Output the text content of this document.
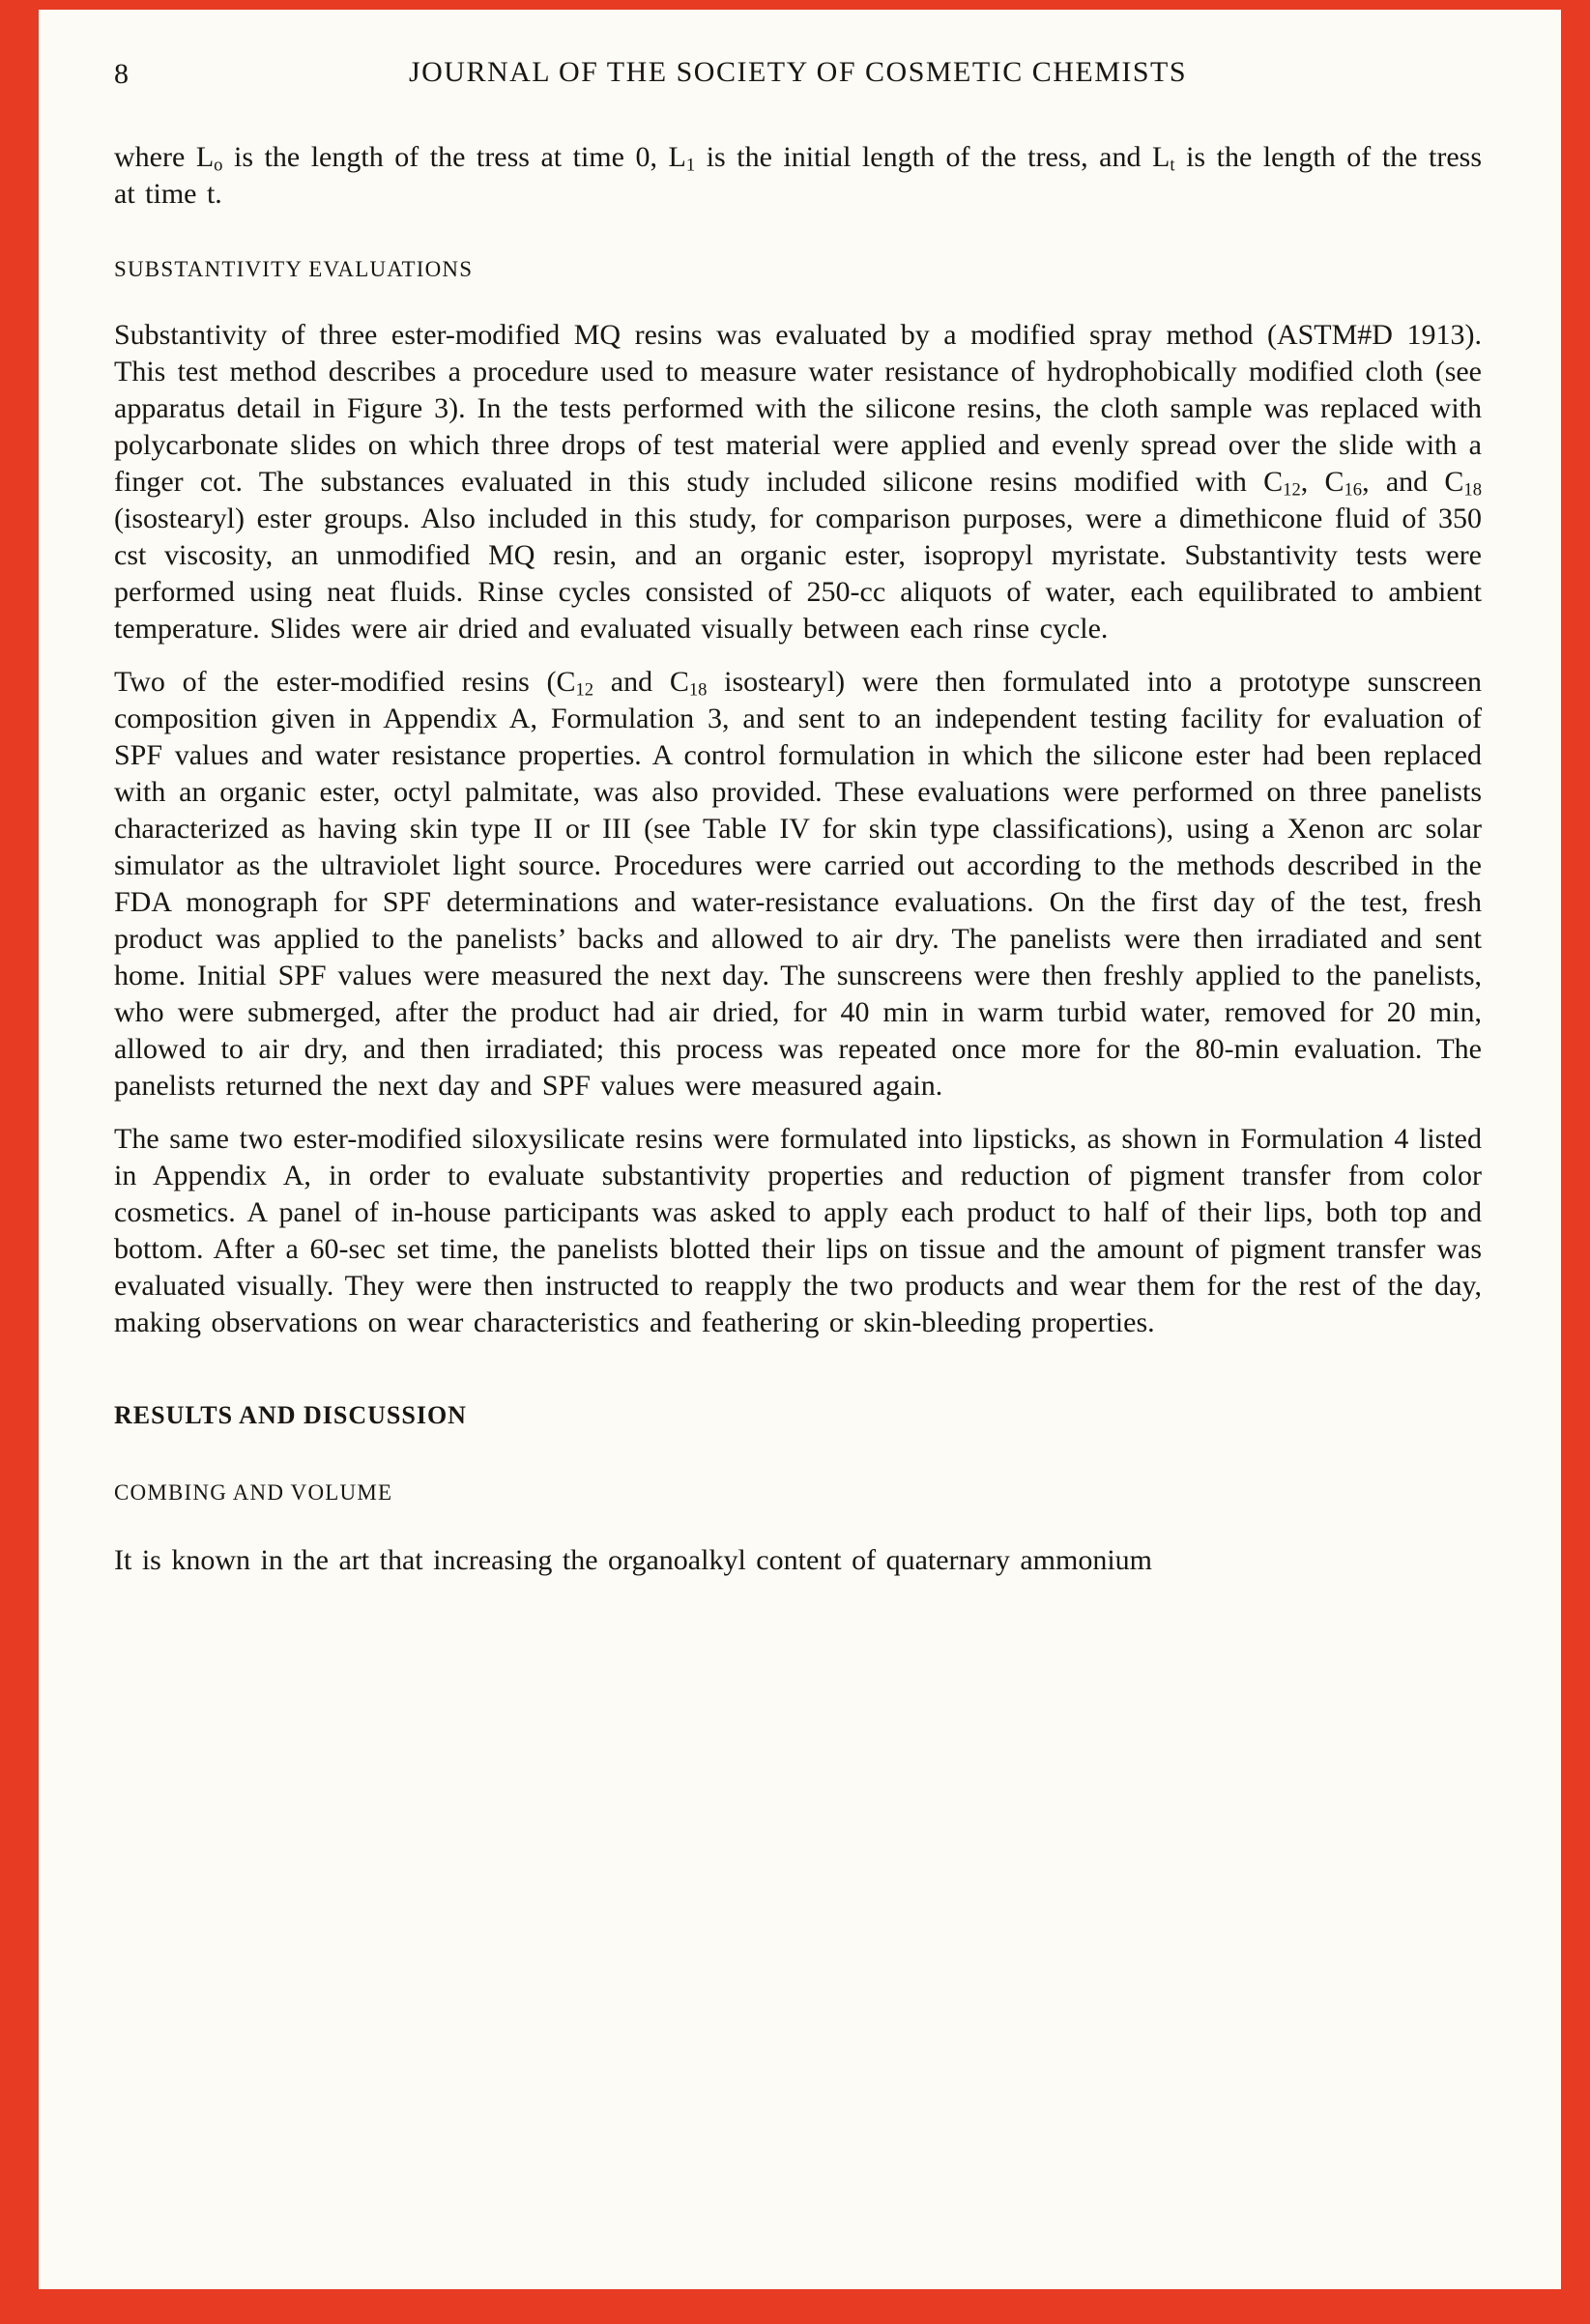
8	JOURNAL OF THE SOCIETY OF COSMETIC CHEMISTS

where $L_o$ is the length of the tress at time 0, $L_1$ is the initial length of the tress, and $L_t$ is the length of the tress at time t.

SUBSTANTIVITY EVALUATIONS

Substantivity of three ester-modified MQ resins was evaluated by a modified spray method (ASTM#D 1913). This test method describes a procedure used to measure water resistance of hydrophobically modified cloth (see apparatus detail in Figure 3). In the tests performed with the silicone resins, the cloth sample was replaced with polycarbonate slides on which three drops of test material were applied and evenly spread over the slide with a finger cot. The substances evaluated in this study included silicone resins modified with $C_{12}$, $C_{16}$, and $C_{18}$ (isostearyl) ester groups. Also included in this study, for comparison purposes, were a dimethicone fluid of 350 cst viscosity, an unmodified MQ resin, and an organic ester, isopropyl myristate. Substantivity tests were performed using neat fluids. Rinse cycles consisted of 250-cc aliquots of water, each equilibrated to ambient temperature. Slides were air dried and evaluated visually between each rinse cycle.

Two of the ester-modified resins ($C_{12}$ and $C_{18}$ isostearyl) were then formulated into a prototype sunscreen composition given in Appendix A, Formulation 3, and sent to an independent testing facility for evaluation of SPF values and water resistance properties. A control formulation in which the silicone ester had been replaced with an organic ester, octyl palmitate, was also provided. These evaluations were performed on three panelists characterized as having skin type II or III (see Table IV for skin type classifications), using a Xenon arc solar simulator as the ultraviolet light source. Procedures were carried out according to the methods described in the FDA monograph for SPF determinations and water-resistance evaluations. On the first day of the test, fresh product was applied to the panelists’ backs and allowed to air dry. The panelists were then irradiated and sent home. Initial SPF values were measured the next day. The sunscreens were then freshly applied to the panelists, who were submerged, after the product had air dried, for 40 min in warm turbid water, removed for 20 min, allowed to air dry, and then irradiated; this process was repeated once more for the 80-min evaluation. The panelists returned the next day and SPF values were measured again.

The same two ester-modified siloxysilicate resins were formulated into lipsticks, as shown in Formulation 4 listed in Appendix A, in order to evaluate substantivity properties and reduction of pigment transfer from color cosmetics. A panel of in-house participants was asked to apply each product to half of their lips, both top and bottom. After a 60-sec set time, the panelists blotted their lips on tissue and the amount of pigment transfer was evaluated visually. They were then instructed to reapply the two products and wear them for the rest of the day, making observations on wear characteristics and feathering or skin-bleeding properties.

RESULTS AND DISCUSSION
COMBING AND VOLUME

It is known in the art that increasing the organoalkyl content of quaternary ammonium
